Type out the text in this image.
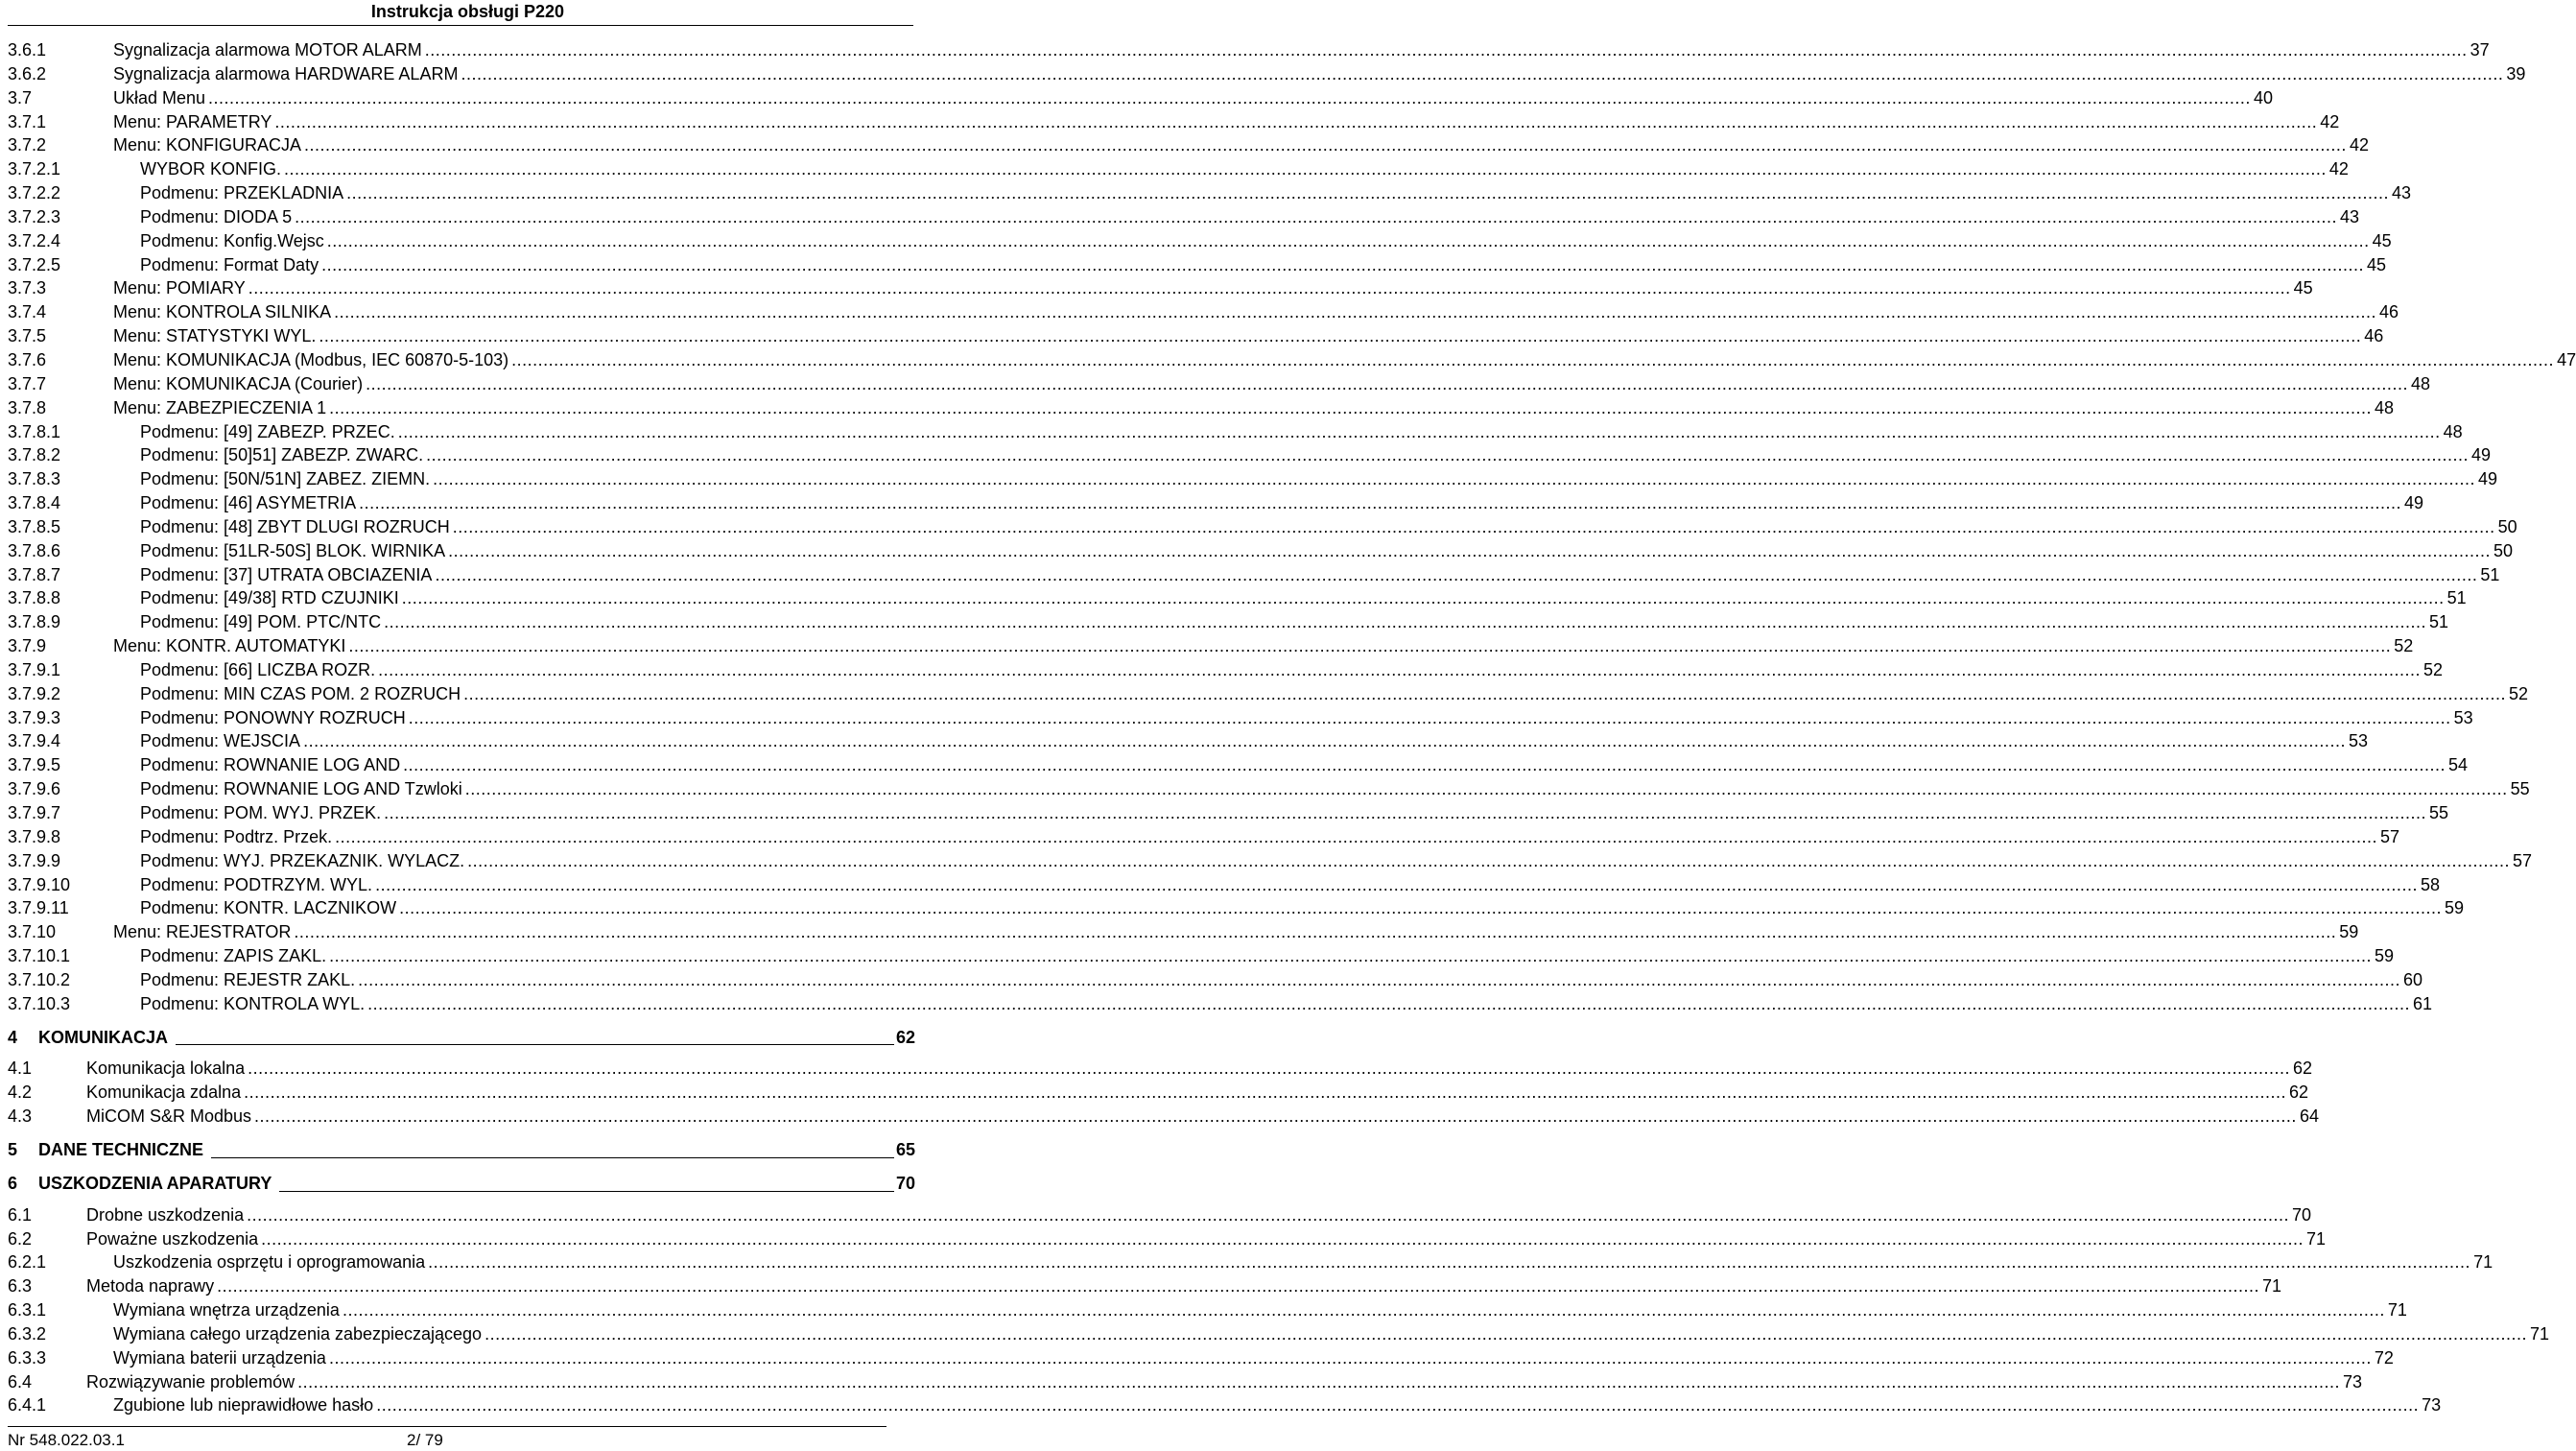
Instrukcja obsługi P220
3.6.1	Sygnalizacja alarmowa MOTOR ALARM .....	37
3.6.2	Sygnalizacja alarmowa HARDWARE ALARM .....	39
3.7	Układ Menu .....	40
3.7.1	Menu: PARAMETRY .....	42
3.7.2	Menu: KONFIGURACJA .....	42
3.7.2.1	WYBOR KONFIG. .....	42
3.7.2.2	Podmenu: PRZEKLADNIA .....	43
3.7.2.3	Podmenu: DIODA 5 .....	43
3.7.2.4	Podmenu: Konfig.Wejsc .....	45
3.7.2.5	Podmenu: Format Daty .....	45
3.7.3	Menu: POMIARY .....	45
3.7.4	Menu: KONTROLA SILNIKA .....	46
3.7.5	Menu: STATYSTYKI WYL. .....	46
3.7.6	Menu: KOMUNIKACJA (Modbus, IEC 60870-5-103) .....	47
3.7.7	Menu: KOMUNIKACJA (Courier) .....	48
3.7.8	Menu: ZABEZPIECZENIA 1 .....	48
3.7.8.1	Podmenu: [49] ZABEZP. PRZEC. .....	48
3.7.8.2	Podmenu: [50]51] ZABEZP. ZWARC. .....	49
3.7.8.3	Podmenu: [50N/51N] ZABEZ. ZIEMN. .....	49
3.7.8.4	Podmenu: [46] ASYMETRIA .....	49
3.7.8.5	Podmenu: [48] ZBYT DLUGI ROZRUCH .....	50
3.7.8.6	Podmenu: [51LR-50S] BLOK. WIRNIKA .....	50
3.7.8.7	Podmenu: [37] UTRATA OBCIAZENIA .....	51
3.7.8.8	Podmenu: [49/38] RTD CZUJNIKI .....	51
3.7.8.9	Podmenu: [49] POM. PTC/NTC .....	51
3.7.9	Menu: KONTR. AUTOMATYKI .....	52
3.7.9.1	Podmenu: [66] LICZBA ROZR. .....	52
3.7.9.2	Podmenu: MIN CZAS POM. 2 ROZRUCH .....	52
3.7.9.3	Podmenu: PONOWNY ROZRUCH .....	53
3.7.9.4	Podmenu: WEJSCIA .....	53
3.7.9.5	Podmenu: ROWNANIE LOG AND .....	54
3.7.9.6	Podmenu: ROWNANIE LOG AND Tzwloki .....	55
3.7.9.7	Podmenu: POM. WYJ. PRZEK. .....	55
3.7.9.8	Podmenu: Podtrz. Przek. .....	57
3.7.9.9	Podmenu: WYJ. PRZEKAZNIK. WYLACZ. .....	57
3.7.9.10	Podmenu: PODTRZYM. WYL. .....	58
3.7.9.11	Podmenu: KONTR. LACZNIKOW .....	59
3.7.10	Menu: REJESTRATOR .....	59
3.7.10.1	Podmenu: ZAPIS ZAKL. .....	59
3.7.10.2	Podmenu: REJESTR ZAKL. .....	60
3.7.10.3	Podmenu: KONTROLA WYL. .....	61
4	KOMUNIKACJA	62
4.1	Komunikacja lokalna .....	62
4.2	Komunikacja zdalna .....	62
4.3	MiCOM S&R Modbus .....	64
5	DANE TECHNICZNE	65
6	USZKODZENIA APARATURY	70
6.1	Drobne uszkodzenia .....	70
6.2	Poważne uszkodzenia .....	71
6.2.1	Uszkodzenia osprzętu i oprogramowania .....	71
6.3	Metoda naprawy .....	71
6.3.1	Wymiana wnętrza urządzenia .....	71
6.3.2	Wymiana całego urządzenia zabezpieczającego .....	71
6.3.3	Wymiana baterii urządzenia .....	72
6.4	Rozwiązywanie problemów .....	73
6.4.1	Zgubione lub nieprawidłowe hasło .....	73
Nr 548.022.03.1	2/ 79
